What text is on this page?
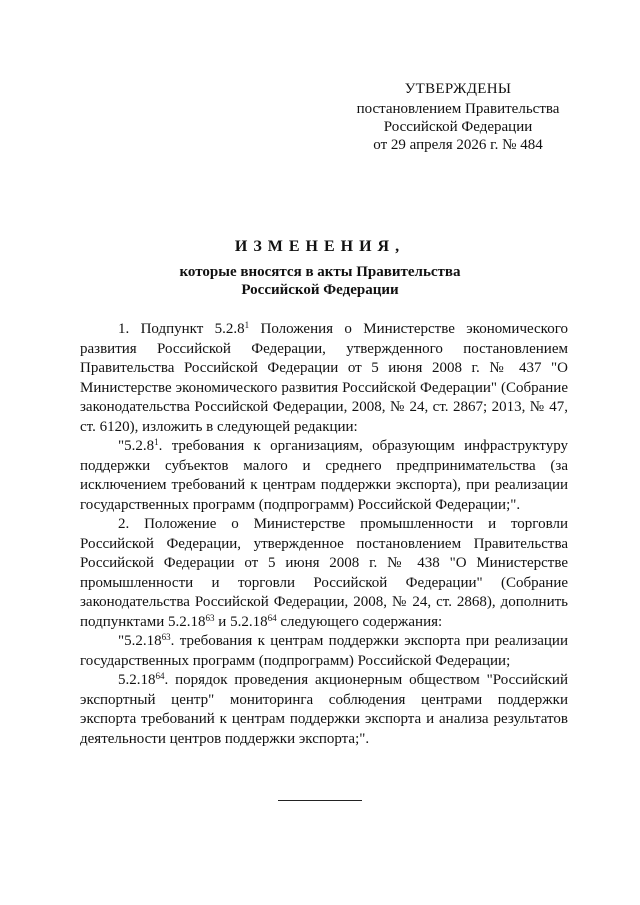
УТВЕРЖДЕНЫ
постановлением Правительства
Российской Федерации
от 29 апреля 2026 г. № 484
ИЗМЕНЕНИЯ,
которые вносятся в акты Правительства
Российской Федерации

1. Подпункт 5.2.8$^1$ Положения о Министерстве экономического развития Российской Федерации, утвержденного постановлением Правительства Российской Федерации от 5 июня 2008 г. № 437 "О Министерстве экономического развития Российской Федерации" (Собрание законодательства Российской Федерации, 2008, № 24, ст. 2867; 2013, № 47, ст. 6120), изложить в следующей редакции:

"5.2.8$^1$. требования к организациям, образующим инфраструктуру поддержки субъектов малого и среднего предпринимательства (за исключением требований к центрам поддержки экспорта), при реализации государственных программ (подпрограмм) Российской Федерации;".

2. Положение о Министерстве промышленности и торговли Российской Федерации, утвержденное постановлением Правительства Российской Федерации от 5 июня 2008 г. № 438 "О Министерстве промышленности и торговли Российской Федерации" (Собрание законодательства Российской Федерации, 2008, № 24, ст. 2868), дополнить подпунктами 5.2.18$^{63}$ и 5.2.18$^{64}$ следующего содержания:

"5.2.18$^{63}$. требования к центрам поддержки экспорта при реализации государственных программ (подпрограмм) Российской Федерации;

5.2.18$^{64}$. порядок проведения акционерным обществом "Российский экспортный центр" мониторинга соблюдения центрами поддержки экспорта требований к центрам поддержки экспорта и анализа результатов деятельности центров поддержки экспорта;".
